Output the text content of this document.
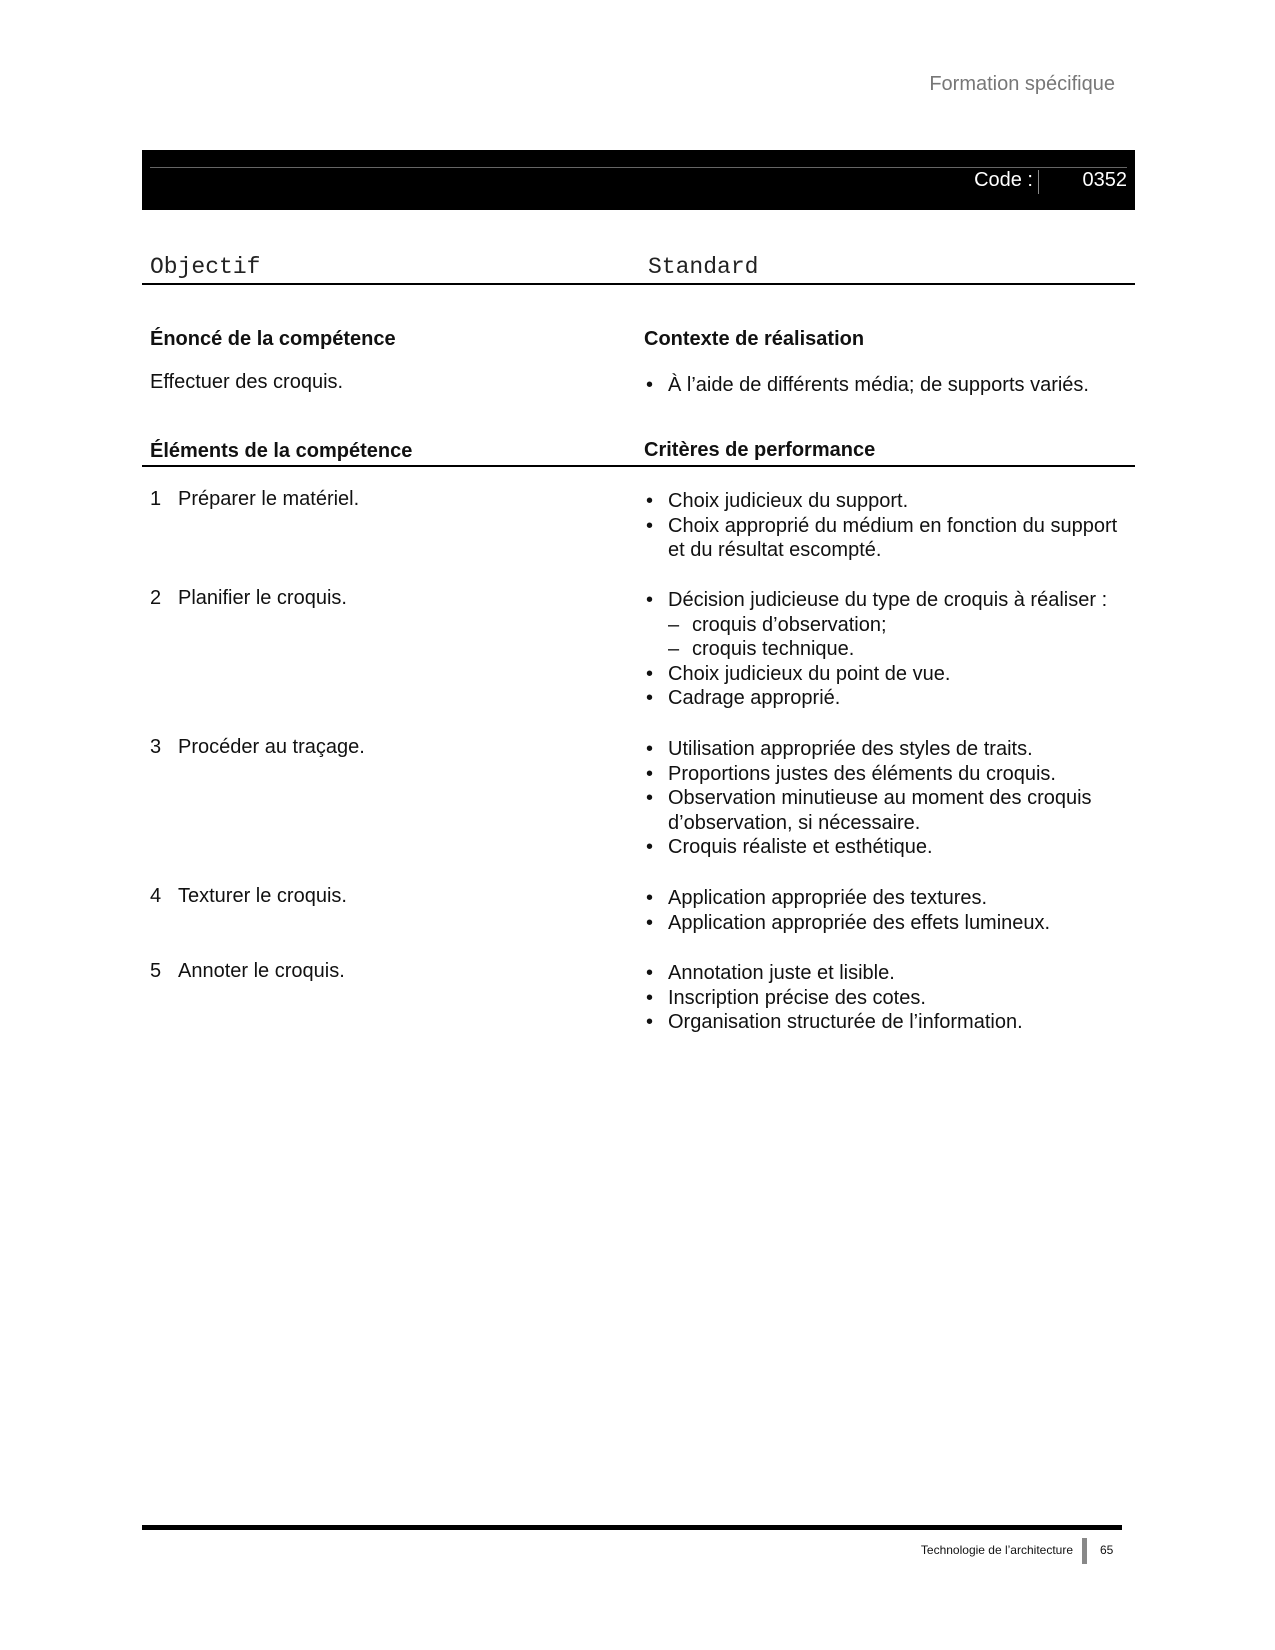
Formation spécifique
Code : 0352
Objectif	Standard
Énoncé de la compétence	Contexte de réalisation
Effectuer des croquis.	• À l’aide de différents média; de supports variés.
Éléments de la compétence	Critères de performance
1 Préparer le matériel.	• Choix judicieux du support.
• Choix approprié du médium en fonction du support et du résultat escompté.
2 Planifier le croquis.	• Décision judicieuse du type de croquis à réaliser :
– croquis d’observation;
– croquis technique.
• Choix judicieux du point de vue.
• Cadrage approprié.
3 Procéder au traçage.	• Utilisation appropriée des styles de traits.
• Proportions justes des éléments du croquis.
• Observation minutieuse au moment des croquis d’observation, si nécessaire.
• Croquis réaliste et esthétique.
4 Texturer le croquis.	• Application appropriée des textures.
• Application appropriée des effets lumineux.
5 Annoter le croquis.	• Annotation juste et lisible.
• Inscription précise des cotes.
• Organisation structurée de l’information.
Technologie de l’architecture 65
